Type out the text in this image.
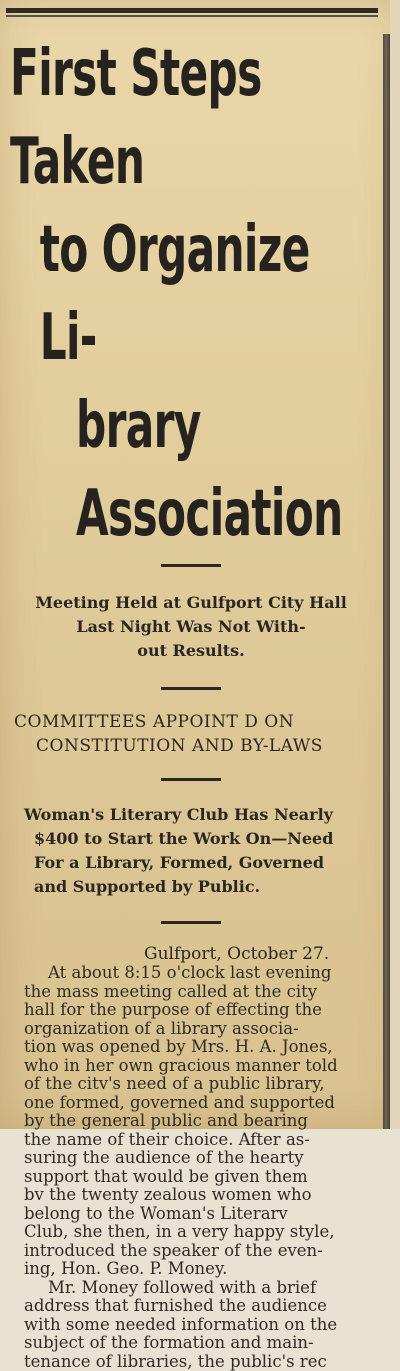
First Steps Taken
to Organize Li-
brary Association
Meeting Held at Gulfport City Hall
Last Night Was Not With-
out Results.
COMMITTEES APPOINT D ON
CONSTITUTION AND BY-LAWS
Woman's Literary Club Has Nearly
$400 to Start the Work On—Need
For a Library, Formed, Governed
and Supported by Public.

Gulfport, October 27.

At about 8:15 o'clock last evening
the mass meeting called at the city
hall for the purpose of effecting the
organization of a library associa-
tion was opened by Mrs. H. A. Jones,
who in her own gracious manner told
of the citv's need of a public library,
one formed, governed and supported
by the general public and bearing
the name of their choice. After as-
suring the audience of the hearty
support that would be given them
bv the twenty zealous women who
belong to the Woman's Literarv
Club, she then, in a very happy style,
introduced the speaker of the even-
ing, Hon. Geo. P. Money.
Mr. Money followed with a brief
address that furnished the audience
with some needed information on the
subject of the formation and main-
tenance of libraries, the public's rec
